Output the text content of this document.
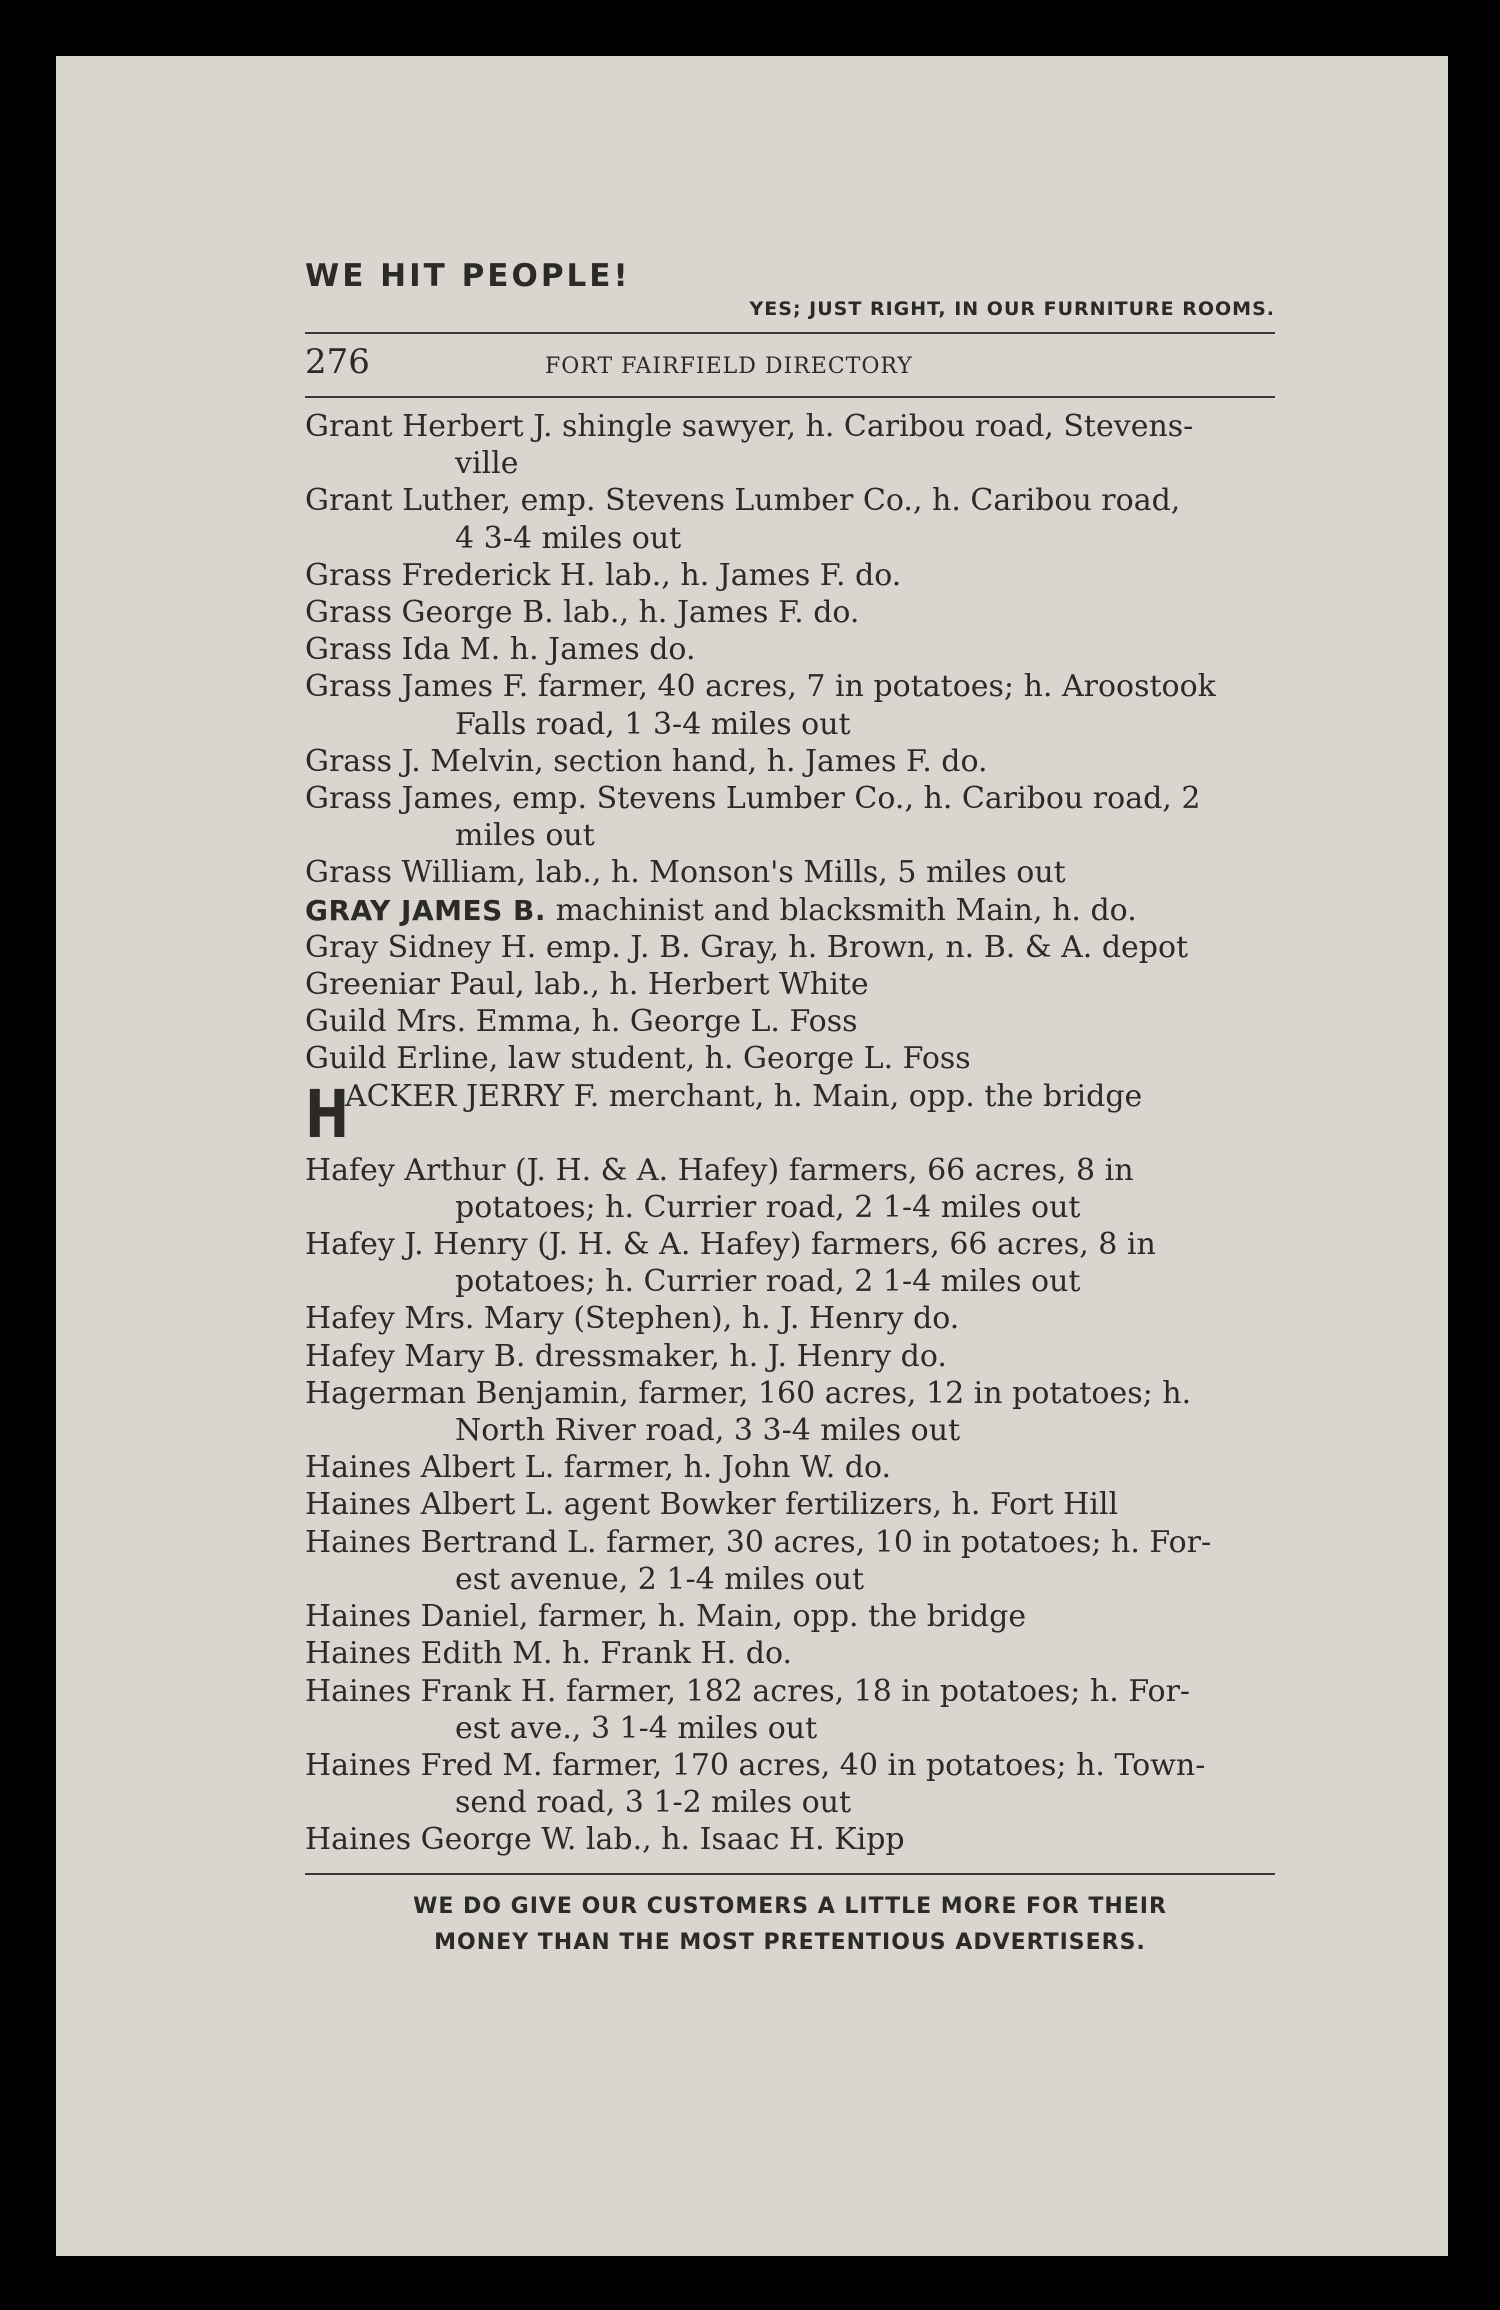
WE HIT PEOPLE!

YES; JUST RIGHT, IN OUR FURNITURE ROOMS.

276	FORT FAIRFIELD DIRECTORY

Grant Herbert J. shingle sawyer, h. Caribou road, Stevens-

ville

Grant Luther, emp. Stevens Lumber Co., h. Caribou road,

4 3-4 miles out

Grass Frederick H. lab., h. James F. do.

Grass George B. lab., h. James F. do.

Grass Ida M. h. James do.

Grass James F. farmer, 40 acres, 7 in potatoes; h. Aroostook

Falls road, 1 3-4 miles out

Grass J. Melvin, section hand, h. James F. do.

Grass James, emp. Stevens Lumber Co., h. Caribou road, 2

miles out

Grass William, lab., h. Monson's Mills, 5 miles out

GRAY JAMES B. machinist and blacksmith Main, h. do.

Gray Sidney H. emp. J. B. Gray, h. Brown, n. B. & A. depot

Greeniar Paul, lab., h. Herbert White

Guild Mrs. Emma, h. George L. Foss

Guild Erline, law student, h. George L. Foss

H
ACKER JERRY F. merchant, h. Main, opp. the bridge

Hafey Arthur (J. H. & A. Hafey) farmers, 66 acres, 8 in

potatoes; h. Currier road, 2 1-4 miles out

Hafey J. Henry (J. H. & A. Hafey) farmers, 66 acres, 8 in

potatoes; h. Currier road, 2 1-4 miles out

Hafey Mrs. Mary (Stephen), h. J. Henry do.

Hafey Mary B. dressmaker, h. J. Henry do.

Hagerman Benjamin, farmer, 160 acres, 12 in potatoes; h.

North River road, 3 3-4 miles out

Haines Albert L. farmer, h. John W. do.

Haines Albert L. agent Bowker fertilizers, h. Fort Hill

Haines Bertrand L. farmer, 30 acres, 10 in potatoes; h. For-

est avenue, 2 1-4 miles out

Haines Daniel, farmer, h. Main, opp. the bridge

Haines Edith M. h. Frank H. do.

Haines Frank H. farmer, 182 acres, 18 in potatoes; h. For-

est ave., 3 1-4 miles out

Haines Fred M. farmer, 170 acres, 40 in potatoes; h. Town-

send road, 3 1-2 miles out

Haines George W. lab., h. Isaac H. Kipp

WE DO GIVE OUR CUSTOMERS A LITTLE MORE FOR THEIR
MONEY THAN THE MOST PRETENTIOUS ADVERTISERS.
